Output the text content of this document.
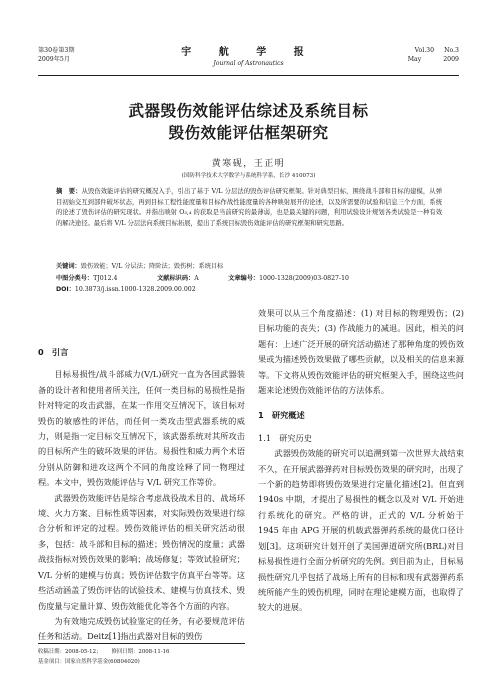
第30卷第3期
2009年5月
宇 航 学 报
Journal of Astronautics
Vol.30 No.3
May	2009
武器毁伤效能评估综述及系统目标
毁伤效能评估框架研究
黄寒砚，王正明
(国防科学技术大学数学与系统科学系，长沙 410073)
摘　要：从毁伤效能评估的研究概况入手，引出了基于 V/L 分层法的毁伤评估研究框架。针对典型目标，围绕战斗部和目标的建模，从弹目初始交互到部件破坏状态，再到目标工程性能度量和目标作战性能度量的各种映射展开的论述，以及所需要的试验和信息三个方面，系统的论述了毁伤评估的研究现状。并指出映射 O₃,₄ 的获取是当前研究的最薄弱，也是最关键的问题，利用试验设计规划各类试验是一种有效的解决途径。最后将 V/L 分层法向系统目标拓展，提出了系统目标毁伤效能评估的研究框架和研究思路。
关键词：毁伤效能；V/L 分层法；降阶法；毁伤树；系统目标
中图分类号：TJ012.4	文献标识码：A	文章编号：1000-1328(2009)03-0827-10
DOI：10.3873/j.issn.1000-1328.2009.00.002
0　引言

目标易损性/战斗部威力(V/L)研究一直为各国武器装备的设计者和使用者所关注，任何一类目标的易损性是指针对特定的攻击武器，在某一作用交互情况下，该目标对毁伤的敏感性的评估，而任何一类攻击型武器系统的威力，则是指一定目标交互情况下，该武器系统对其所攻击的目标所产生的破坏效果的评估。易损性和威力两个术语分别从防御和进攻这两个不同的角度诠释了同一物理过程。本文中，毁伤效能评估与 V/L 研究工作等价。

武器毁伤效能评估是综合考虑战役战术目的、战场环境、火力方案、目标性质等因素，对实际毁伤效果进行综合分析和评定的过程。毁伤效能评估的相关研究活动很多，包括：战斗部和目标的描述；毁伤情况的度量；武器战技指标对毁伤效果的影响；战场修复；等效试验研究；V/L 分析的建模与仿真；毁伤评估数字仿真平台等等。这些活动涵盖了毁伤评估的试验技术、建模与仿真技术、毁伤度量与定量计算、毁伤效能优化等各个方面的内容。

为有效地完成毁伤试验鉴定的任务，有必要规范评估任务和活动。Deitz[1]指出武器对目标的毁伤

效果可以从三个角度描述：(1) 对目标的物理毁伤；(2) 目标功能的丧失；(3) 作战能力的减退。因此，相关的问题有：上述广泛开展的研究活动描述了那种角度的毁伤效果或为描述毁伤效果做了哪些贡献，以及相关的信息来源等。下文将从毁伤效能评估的研究框架入手，围绕这些问题来论述毁伤效能评估的方法体系。

1　研究概述
1.1　研究历史

武器毁伤效能的研究可以追溯到第一次世界大战结束不久，在开展武器弹药对目标毁伤效果的研究时，出现了一个新的趋势即将毁伤效果进行定量化描述[2]。但直到 1940s 中期，才提出了易损性的概念以及对 V/L 开始进行系统化的研究。严格的讲，正式的 V/L 分析始于 1945 年由 APG 开展的机载武器弹药系统的最优口径计划[3]。这项研究计划开创了美国弹道研究所(BRL)对目标易损性进行全面分析研究的先例。到目前为止，目标易损性研究几乎包括了战场上所有的目标和现有武器弹药系统所能产生的毁伤机理，同时在理论建模方面，也取得了较大的进展。

收稿日期：2008-05-12； 修回日期：2008-11-16
基金项目：国家自然科学基金(60804020)
